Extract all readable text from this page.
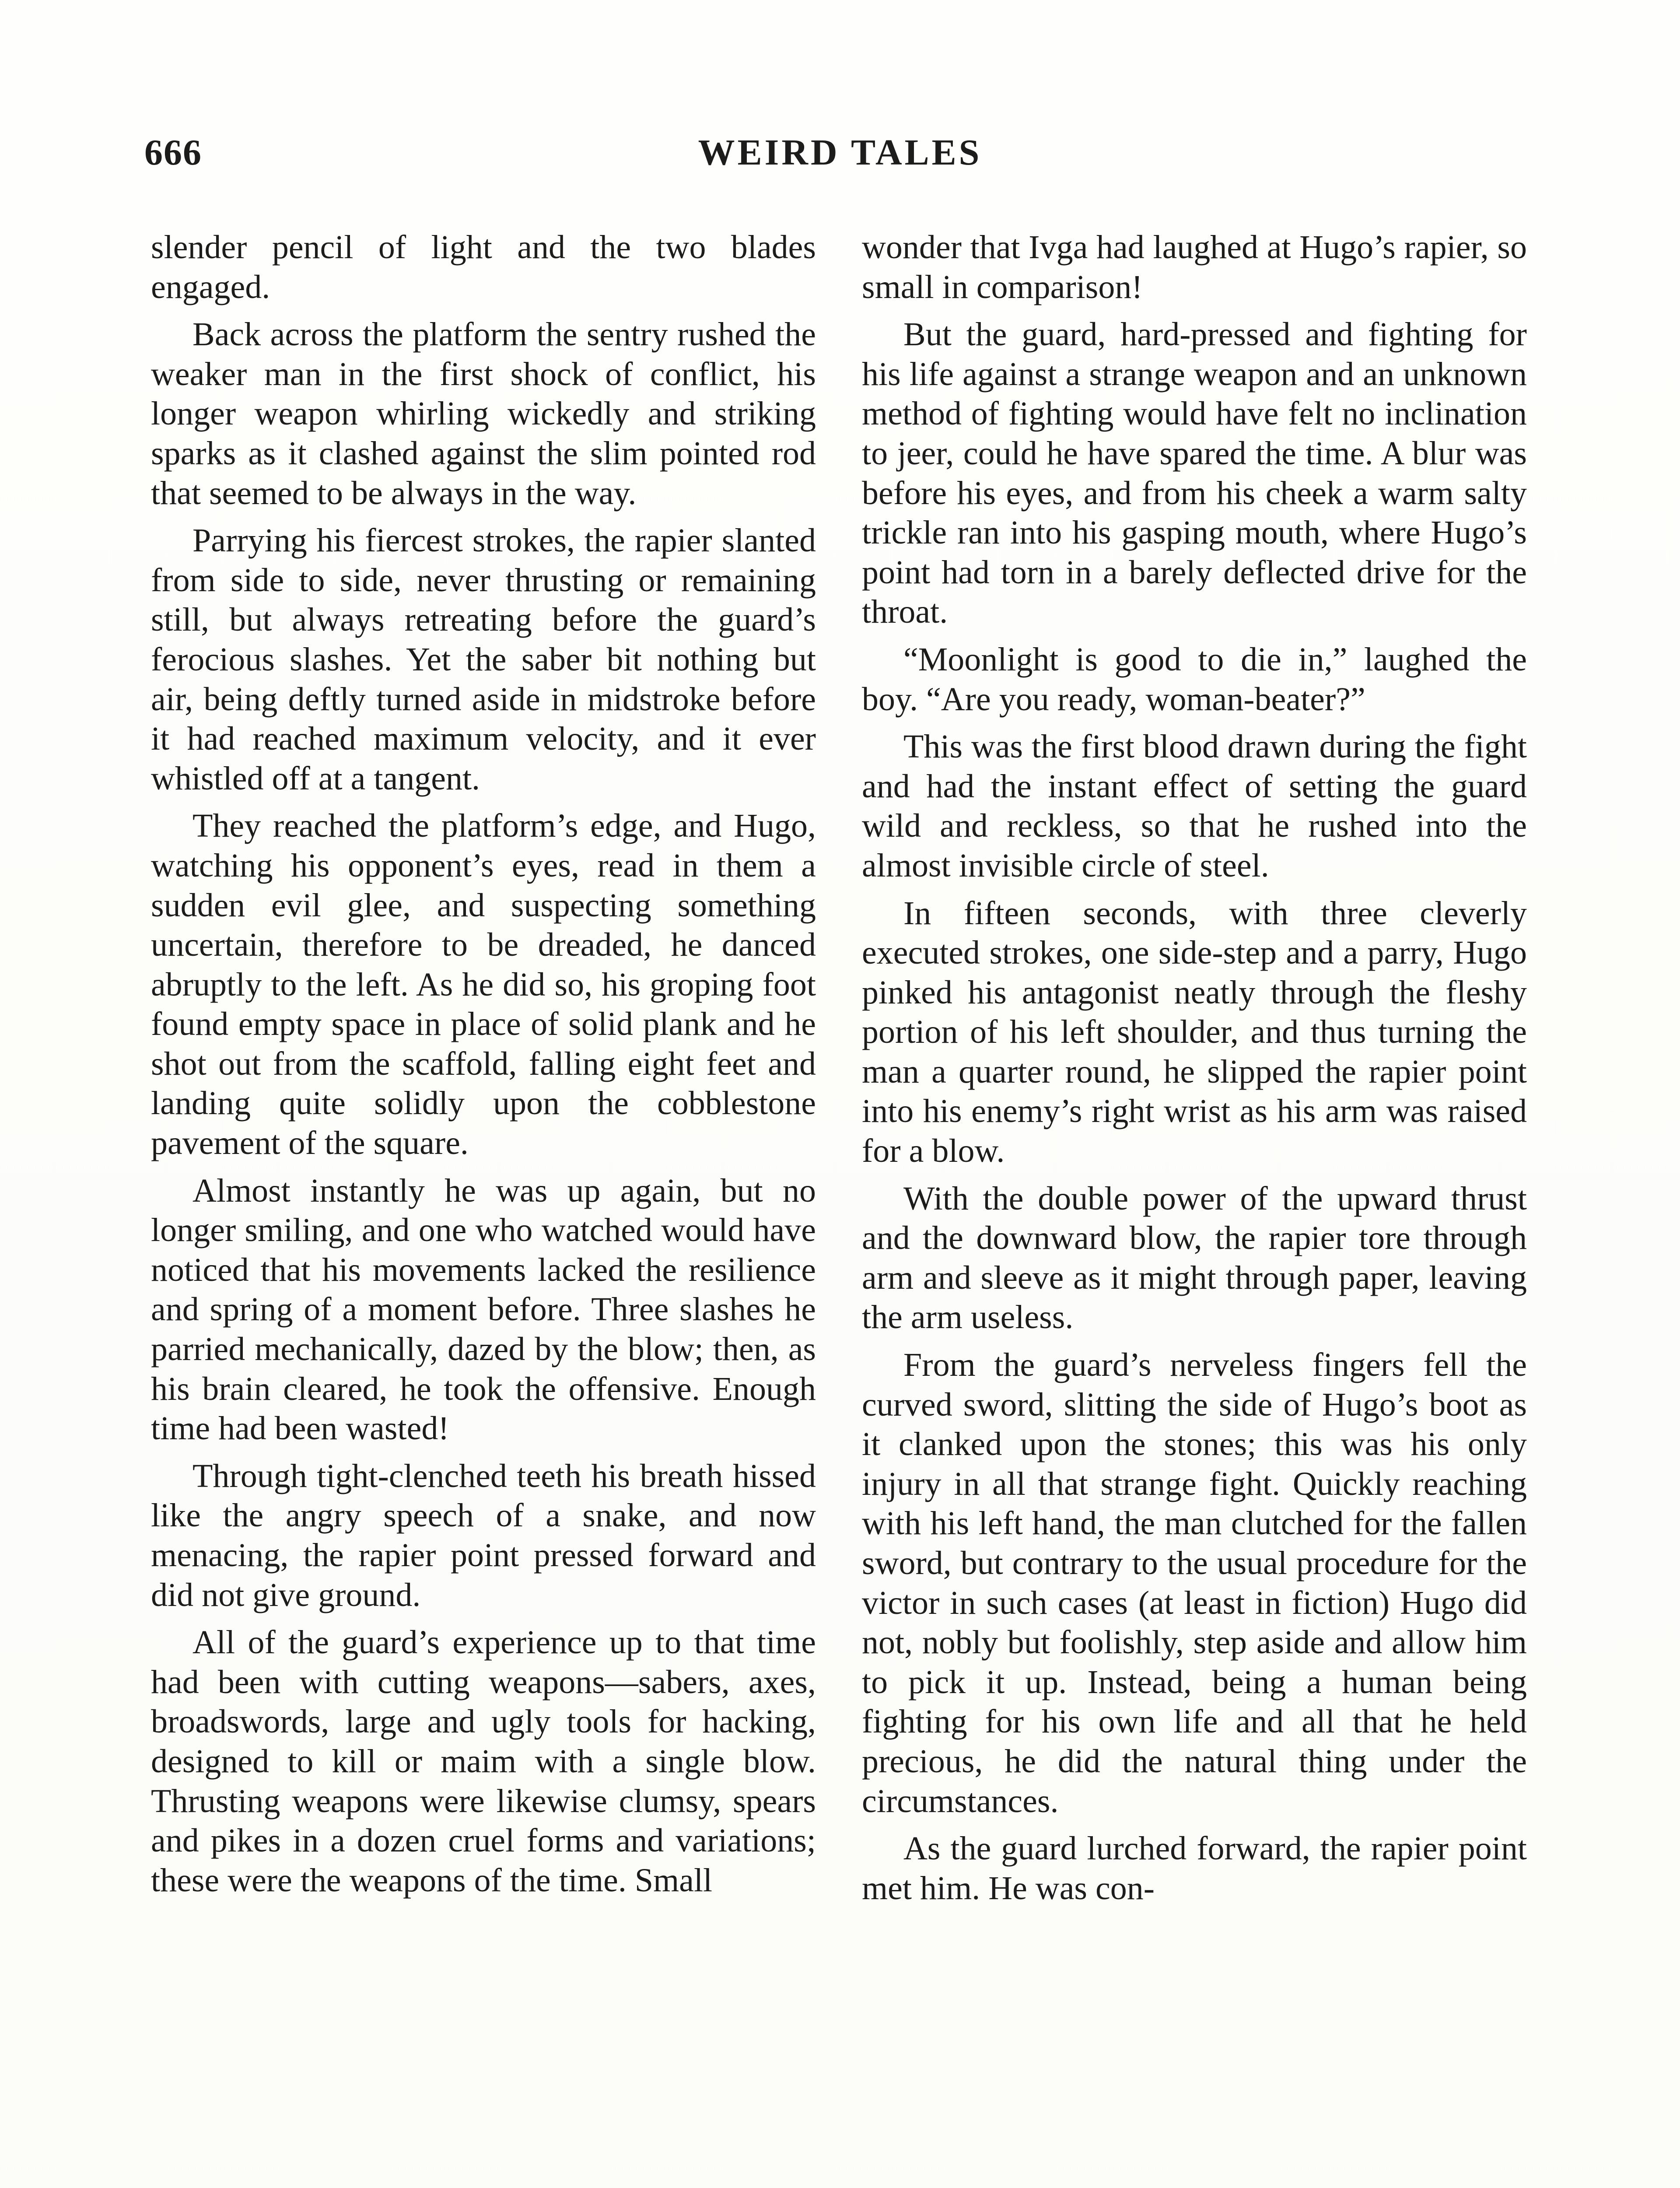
666	WEIRD TALES

slender pencil of light and the two blades engaged.

Back across the platform the sentry rushed the weaker man in the first shock of conflict, his longer weapon whirling wickedly and striking sparks as it clashed against the slim pointed rod that seemed to be always in the way.

Parrying his fiercest strokes, the rapier slanted from side to side, never thrusting or remaining still, but always retreating before the guard’s ferocious slashes. Yet the saber bit nothing but air, being deftly turned aside in midstroke before it had reached maximum velocity, and it ever whistled off at a tangent.

They reached the platform’s edge, and Hugo, watching his opponent’s eyes, read in them a sudden evil glee, and suspecting something uncertain, therefore to be dreaded, he danced abruptly to the left. As he did so, his groping foot found empty space in place of solid plank and he shot out from the scaffold, falling eight feet and landing quite solidly upon the cobblestone pavement of the square.

Almost instantly he was up again, but no longer smiling, and one who watched would have noticed that his movements lacked the resilience and spring of a moment before. Three slashes he parried mechanically, dazed by the blow; then, as his brain cleared, he took the offensive. Enough time had been wasted!

Through tight-clenched teeth his breath hissed like the angry speech of a snake, and now menacing, the rapier point pressed forward and did not give ground.

All of the guard’s experience up to that time had been with cutting weapons—sabers, axes, broadswords, large and ugly tools for hacking, designed to kill or maim with a single blow. Thrusting weapons were likewise clumsy, spears and pikes in a dozen cruel forms and variations; these were the weapons of the time. Small

wonder that Ivga had laughed at Hugo’s rapier, so small in comparison!

But the guard, hard-pressed and fighting for his life against a strange weapon and an unknown method of fighting would have felt no inclination to jeer, could he have spared the time. A blur was before his eyes, and from his cheek a warm salty trickle ran into his gasping mouth, where Hugo’s point had torn in a barely deflected drive for the throat.

“Moonlight is good to die in,” laughed the boy. “Are you ready, woman-beater?”

This was the first blood drawn during the fight and had the instant effect of setting the guard wild and reckless, so that he rushed into the almost invisible circle of steel.

In fifteen seconds, with three cleverly executed strokes, one side-step and a parry, Hugo pinked his antagonist neatly through the fleshy portion of his left shoulder, and thus turning the man a quarter round, he slipped the rapier point into his enemy’s right wrist as his arm was raised for a blow.

With the double power of the upward thrust and the downward blow, the rapier tore through arm and sleeve as it might through paper, leaving the arm useless.

From the guard’s nerveless fingers fell the curved sword, slitting the side of Hugo’s boot as it clanked upon the stones; this was his only injury in all that strange fight. Quickly reaching with his left hand, the man clutched for the fallen sword, but contrary to the usual procedure for the victor in such cases (at least in fiction) Hugo did not, nobly but foolishly, step aside and allow him to pick it up. Instead, being a human being fighting for his own life and all that he held precious, he did the natural thing under the circumstances.

As the guard lurched forward, the rapier point met him. He was con-
